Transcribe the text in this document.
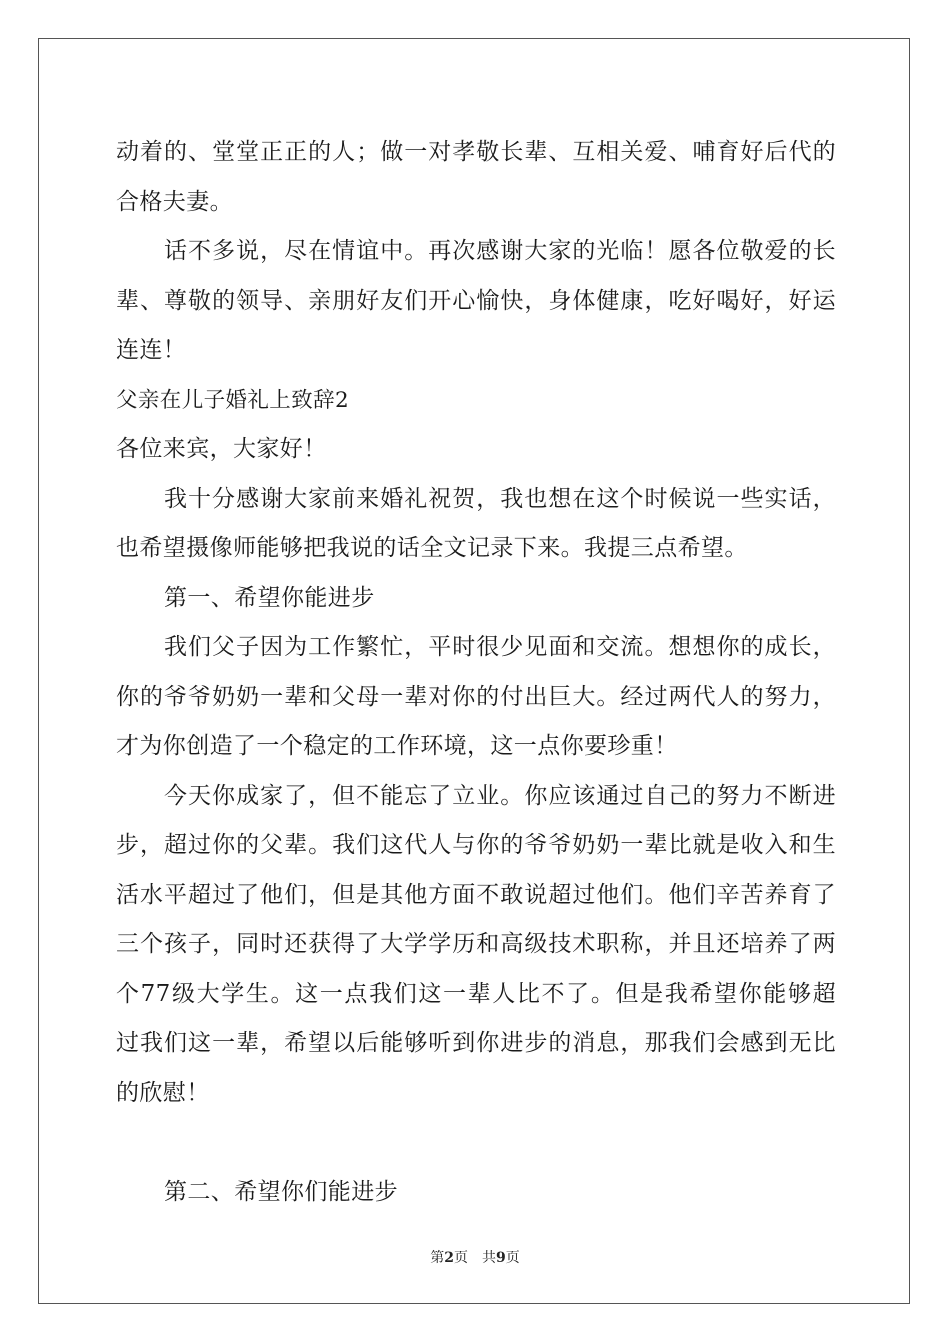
动着的、堂堂正正的人；做一对孝敬长辈、互相关爱、哺育好后代的
合格夫妻。
话不多说，尽在情谊中。再次感谢大家的光临！愿各位敬爱的长
辈、尊敬的领导、亲朋好友们开心愉快，身体健康，吃好喝好，好运
连连！
父亲在儿子婚礼上致辞2
各位来宾，大家好！
我十分感谢大家前来婚礼祝贺，我也想在这个时候说一些实话，
也希望摄像师能够把我说的话全文记录下来。我提三点希望。
第一、希望你能进步
我们父子因为工作繁忙，平时很少见面和交流。想想你的成长，
你的爷爷奶奶一辈和父母一辈对你的付出巨大。经过两代人的努力，
才为你创造了一个稳定的工作环境，这一点你要珍重！
今天你成家了，但不能忘了立业。你应该通过自己的努力不断进
步，超过你的父辈。我们这代人与你的爷爷奶奶一辈比就是收入和生
活水平超过了他们，但是其他方面不敢说超过他们。他们辛苦养育了
三个孩子，同时还获得了大学学历和高级技术职称，并且还培养了两
个77级大学生。这一点我们这一辈人比不了。但是我希望你能够超
过我们这一辈，希望以后能够听到你进步的消息，那我们会感到无比
的欣慰！
第二、希望你们能进步
第2页　共9页
